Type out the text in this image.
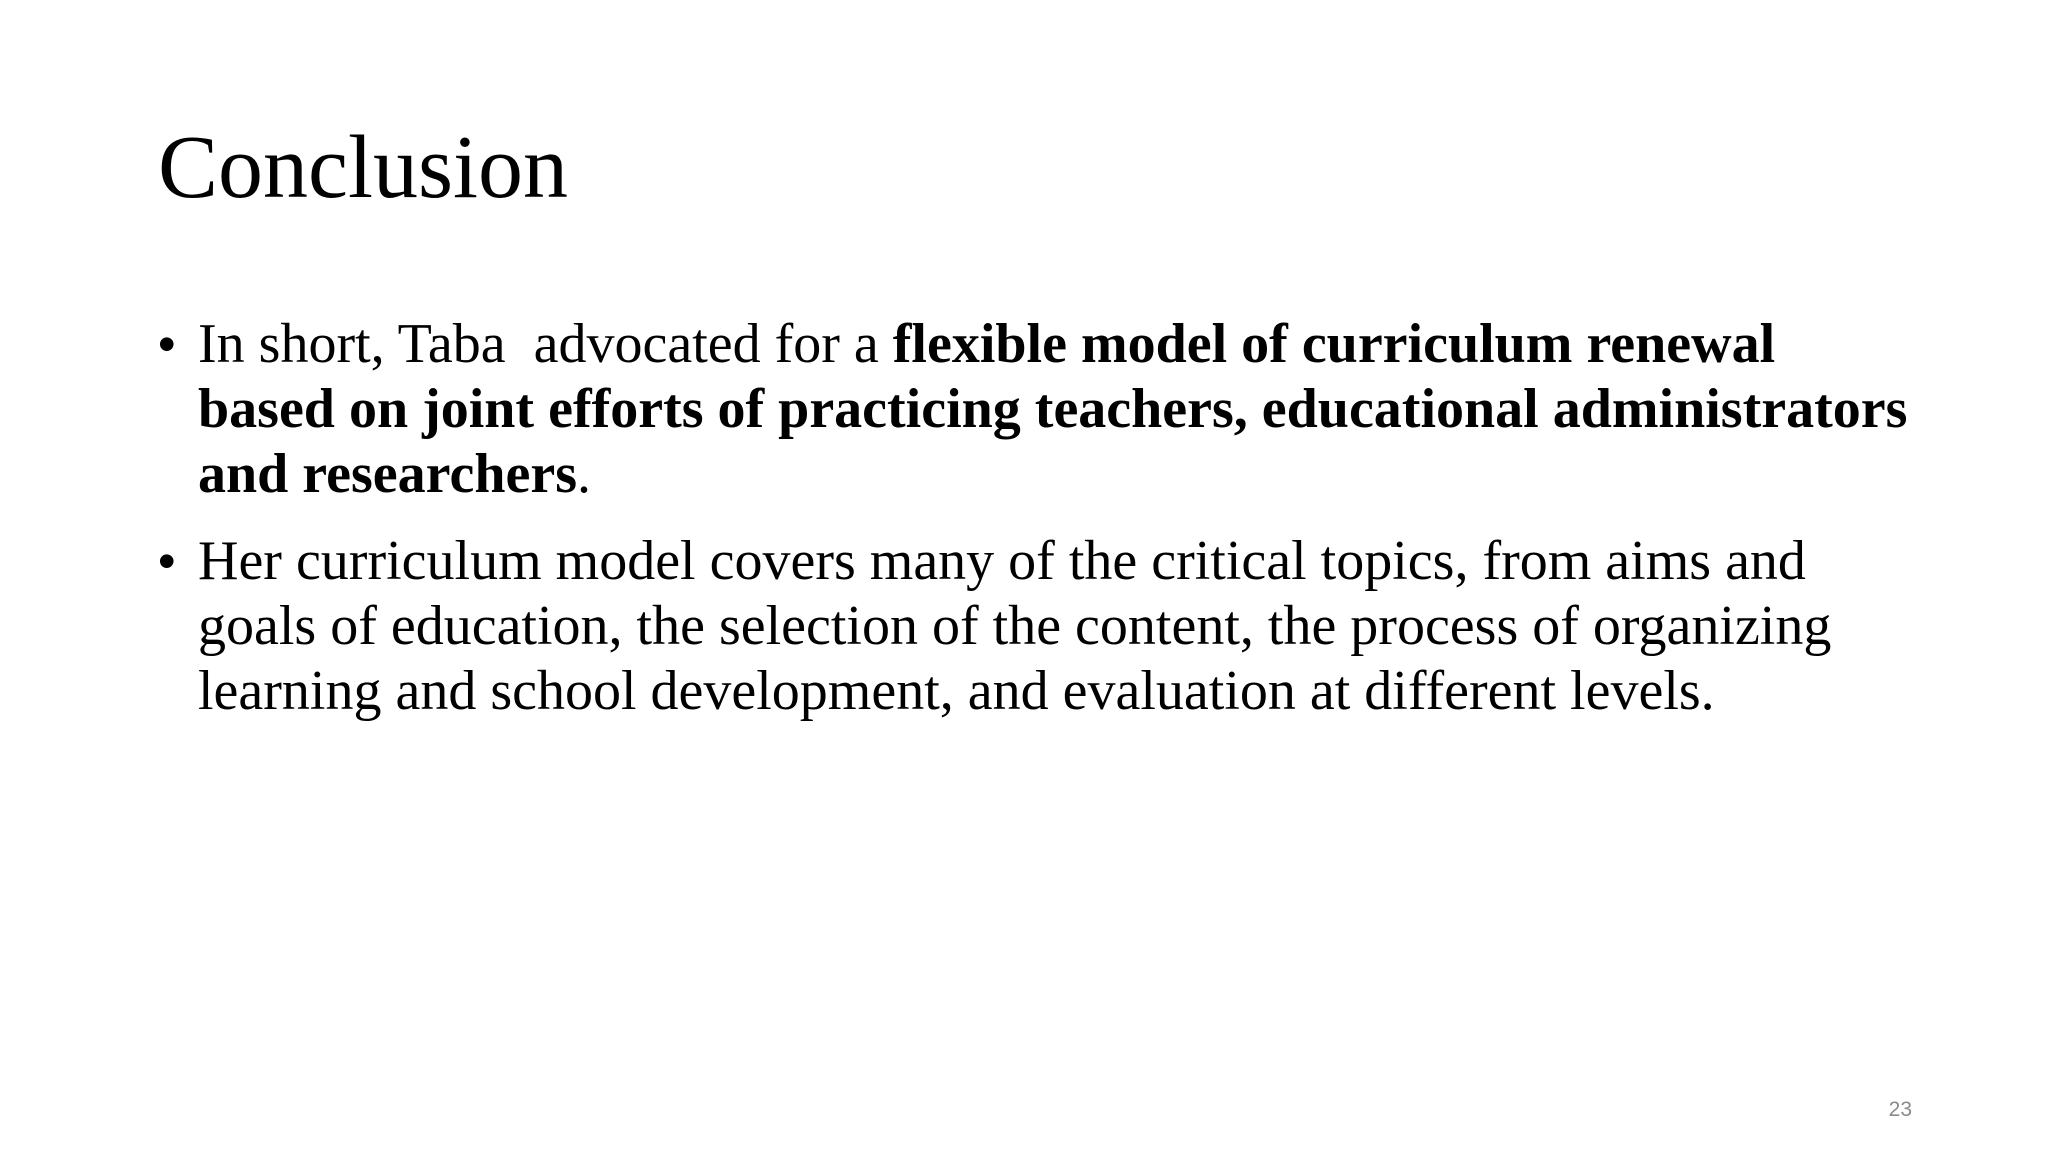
Conclusion
• In short, Taba  advocated for a flexible model of curriculum renewal based on joint efforts of practicing teachers, educational administrators and researchers.
• Her curriculum model covers many of the critical topics, from aims and goals of education, the selection of the content, the process of organizing learning and school development, and evaluation at different levels.
23
